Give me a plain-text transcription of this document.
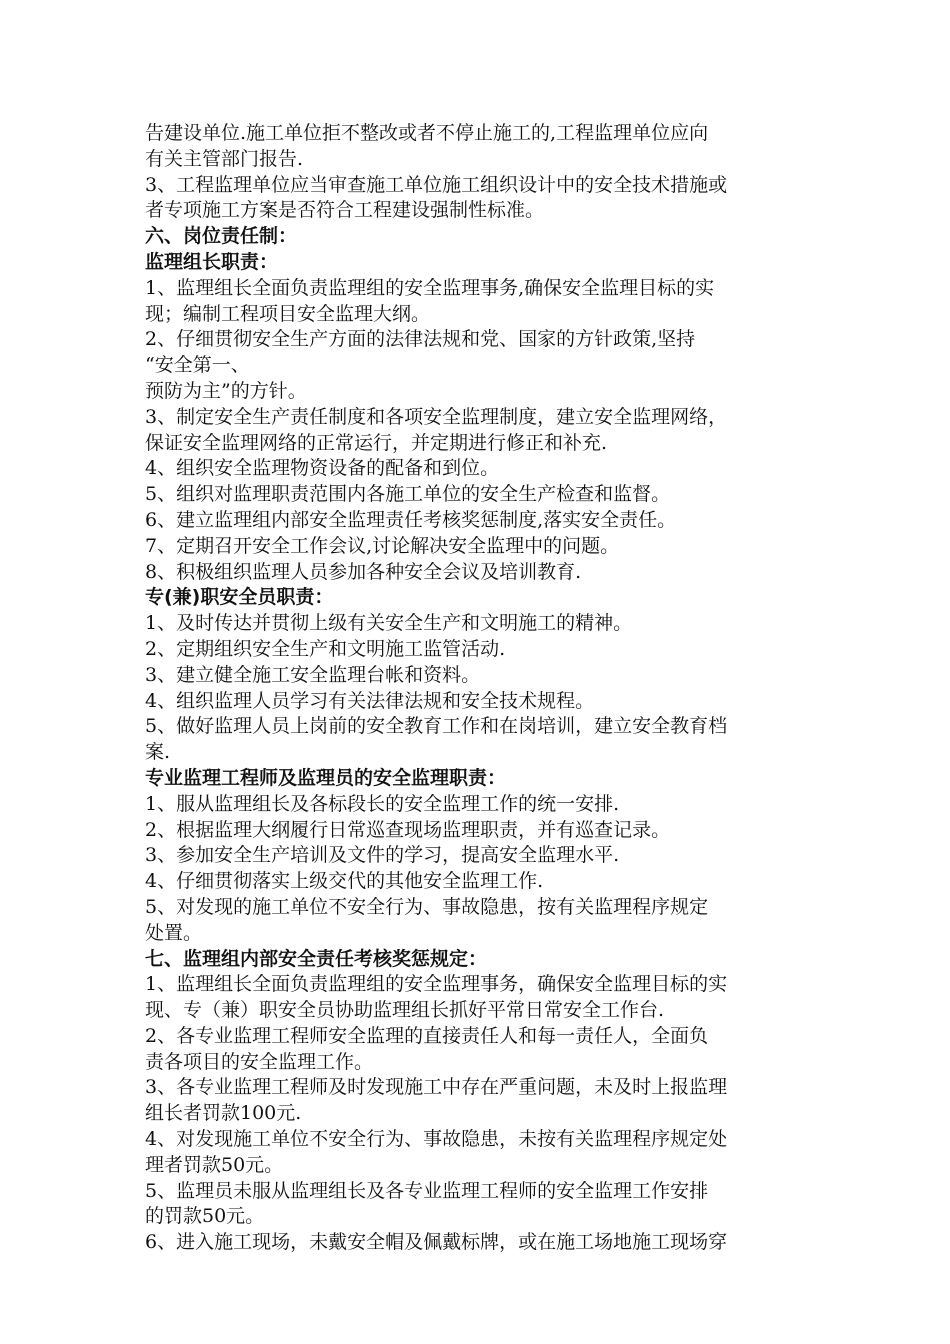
告建设单位.施工单位拒不整改或者不停止施工的,工程监理单位应向
有关主管部门报告.
3、工程监理单位应当审查施工单位施工组织设计中的安全技术措施或
者专项施工方案是否符合工程建设强制性标准。
六、岗位责任制：
监理组长职责：
1、监理组长全面负责监理组的安全监理事务,确保安全监理目标的实
现；编制工程项目安全监理大纲。
2、仔细贯彻安全生产方面的法律法规和党、国家的方针政策,坚持
“安全第一、
预防为主”的方针。
3、制定安全生产责任制度和各项安全监理制度，建立安全监理网络，
保证安全监理网络的正常运行，并定期进行修正和补充.
4、组织安全监理物资设备的配备和到位。
5、组织对监理职责范围内各施工单位的安全生产检查和监督。
6、建立监理组内部安全监理责任考核奖惩制度,落实安全责任。
7、定期召开安全工作会议,讨论解决安全监理中的问题。
8、积极组织监理人员参加各种安全会议及培训教育.
专(兼)职安全员职责：
1、及时传达并贯彻上级有关安全生产和文明施工的精神。
2、定期组织安全生产和文明施工监管活动.
3、建立健全施工安全监理台帐和资料。
4、组织监理人员学习有关法律法规和安全技术规程。
5、做好监理人员上岗前的安全教育工作和在岗培训，建立安全教育档
案.
专业监理工程师及监理员的安全监理职责：
1、服从监理组长及各标段长的安全监理工作的统一安排.
2、根据监理大纲履行日常巡查现场监理职责，并有巡查记录。
3、参加安全生产培训及文件的学习，提高安全监理水平.
4、仔细贯彻落实上级交代的其他安全监理工作.
5、对发现的施工单位不安全行为、事故隐患，按有关监理程序规定
处置。
七、监理组内部安全责任考核奖惩规定：
1、监理组长全面负责监理组的安全监理事务，确保安全监理目标的实
现、专（兼）职安全员协助监理组长抓好平常日常安全工作台.
2、各专业监理工程师安全监理的直接责任人和每一责任人，全面负
责各项目的安全监理工作。
3、各专业监理工程师及时发现施工中存在严重问题，未及时上报监理
组长者罚款100元.
4、对发现施工单位不安全行为、事故隐患，未按有关监理程序规定处
理者罚款50元。
5、监理员未服从监理组长及各专业监理工程师的安全监理工作安排
的罚款50元。
6、进入施工现场，未戴安全帽及佩戴标牌，或在施工场地施工现场穿
